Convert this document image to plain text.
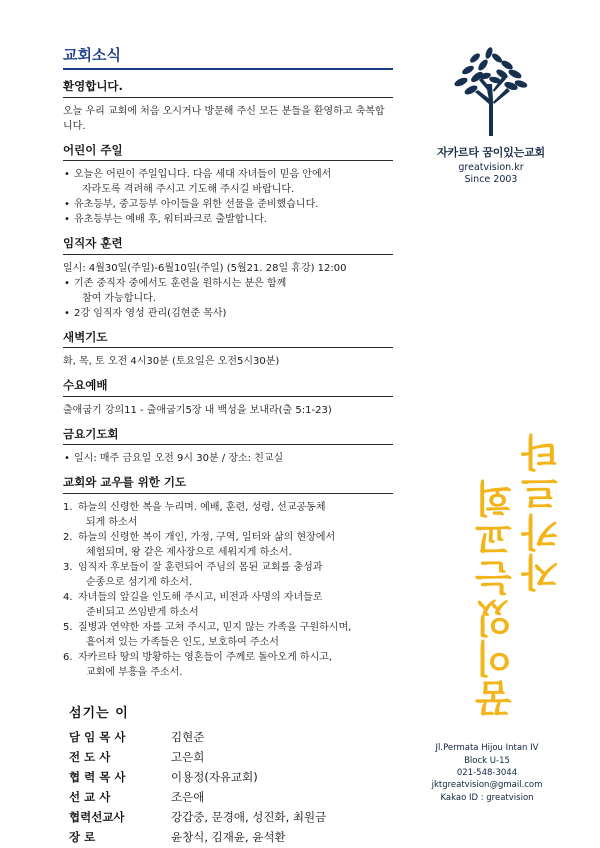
교회소식

환영합니다.

오늘 우리 교회에 처음 오시거나 방문해 주신 모든 분들을 환영하고 축복합니다.

어린이 주일

• 오늘은 어린이 주일입니다. 다음 세대 자녀들이 믿음 안에서
자라도록 격려해 주시고 기도해 주시길 바랍니다.

• 유초등부, 중고등부 아이들을 위한 선물을 준비했습니다.

• 유초등부는 예배 후, 워터파크로 출발합니다.

임직자 훈련

일시: 4월30일(주일)-6월10일(주일) (5월21. 28일 휴강) 12:00

• 기존 중직자 중에서도 훈련을 원하시는 분은 함께
참여 가능합니다.

• 2강 임직자 영성 관리(김현준 목사)

새벽기도

화, 목, 토 오전 4시30분 (토요일은 오전5시30분)

수요예배

출애굽기 강의11 - 출애굽기5장 내 백성을 보내라(출 5:1-23)

금요기도회

• 일시: 매주 금요일 오전 9시 30분 / 장소: 친교실

교회와 교우를 위한 기도

1. 하늘의 신령한 복을 누리며. 예배, 훈련, 성령, 선교공동체
되게 하소서

2. 하늘의 신령한 복이 개인, 가정, 구역, 일터와 삶의 현장에서
체험되며, 왕 같은 제사장으로 세워지게 하소서.

3. 임직자 후보들이 잘 훈련되어 주님의 몸된 교회를 충성과
순종으로 섬기게 하소서.

4. 자녀들의 앞길을 인도해 주시고, 비전과 사명의 자녀들로
준비되고 쓰임받게 하소서

5. 질병과 연약한 자를 고쳐 주시고, 믿지 않는 가족을 구원하시며,
흩어져 있는 가족들은 인도, 보호하여 주소서

6. 자카르타 땅의 방황하는 영혼들이 주께로 돌아오게 하시고,
교회에 부흥을 주소서.

섬기는 이

담 임 목 사	김현준
전 도 사	고은희
협 력 목 사	이용정(자유교회)
선 교 사	조은애
협력선교사	강갑중, 문경애, 성진화, 최원금
장 로	윤창식, 김재윤, 윤석환

자카르타 꿈이있는교회

greatvision.kr

Since 2003

자카르타
꿈이있는교회
Jl.Permata Hijou Intan IV
Block U-15
021-548-3044
jktgreatvision@gmail.com
Kakao ID : greatvision
